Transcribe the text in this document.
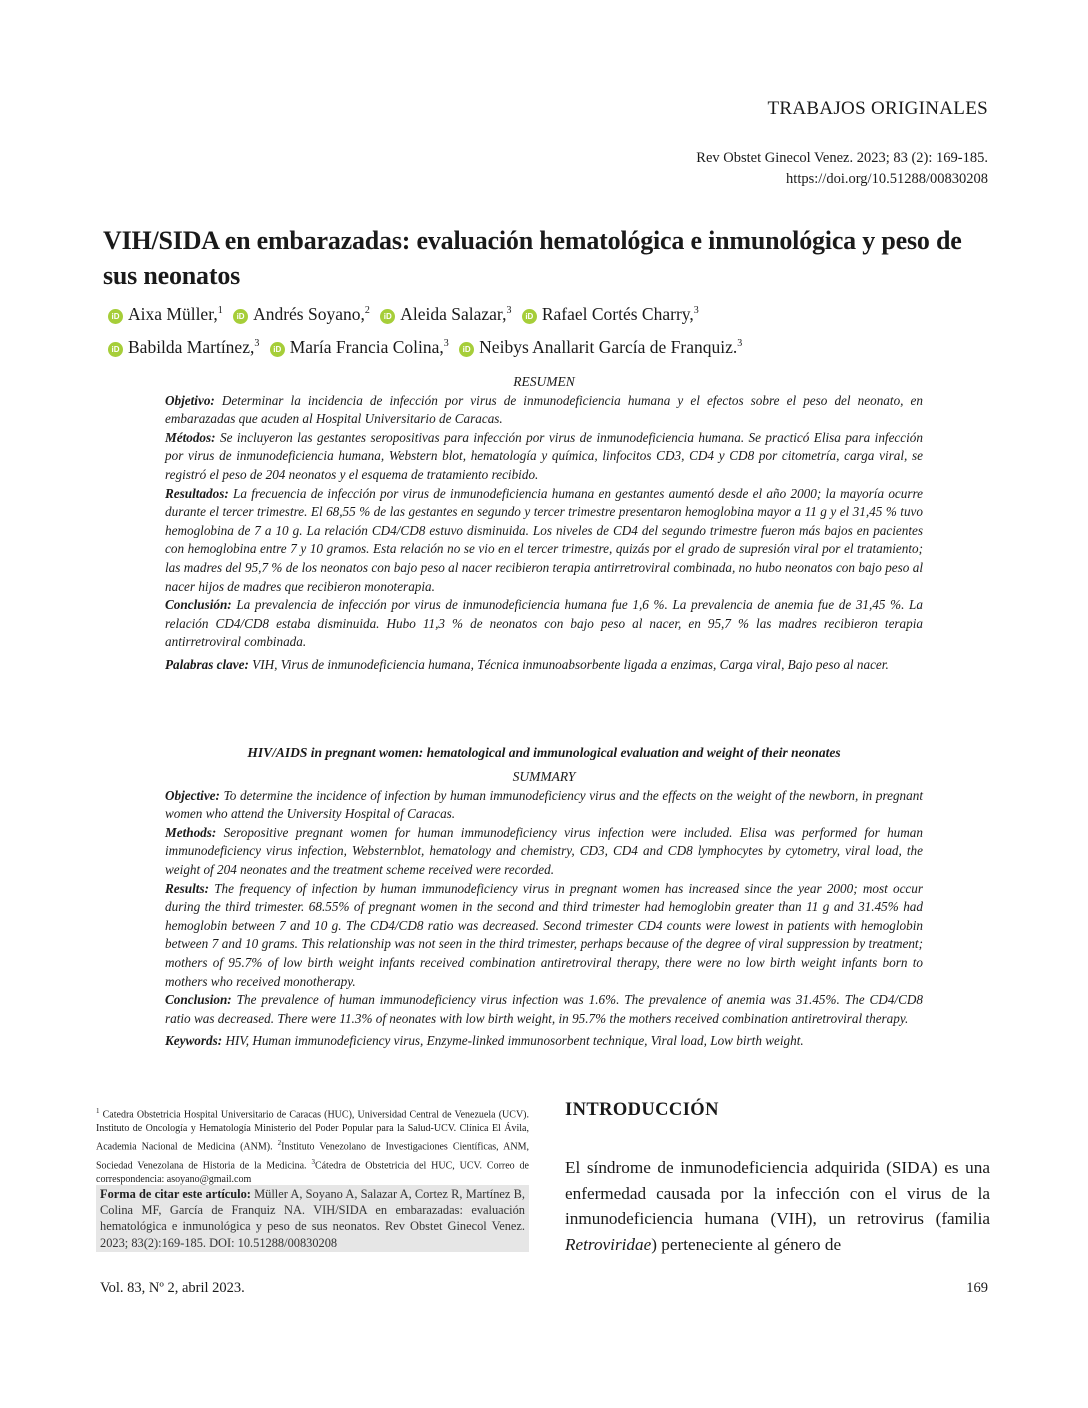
TRABAJOS ORIGINALES
Rev Obstet Ginecol Venez. 2023; 83 (2): 169-185.
https://doi.org/10.51288/00830208
VIH/SIDA en embarazadas: evaluación hematológica e inmunológica y peso de sus neonatos
iD Aixa Müller,$^1$ iD Andrés Soyano,$^2$ iD Aleida Salazar,$^3$ iD Rafael Cortés Charry,$^3$
iD Babilda Martínez,$^3$ iD María Francia Colina,$^3$ iD Neibys Anallarit García de Franquiz.$^3$

RESUMEN

Objetivo: Determinar la incidencia de infección por virus de inmunodeficiencia humana y el efectos sobre el peso del neonato, en embarazadas que acuden al Hospital Universitario de Caracas.

Métodos: Se incluyeron las gestantes seropositivas para infección por virus de inmunodeficiencia humana. Se practicó Elisa para infección por virus de inmunodeficiencia humana, Webstern blot, hematología y química, linfocitos CD3, CD4 y CD8 por citometría, carga viral, se registró el peso de 204 neonatos y el esquema de tratamiento recibido.

Resultados: La frecuencia de infección por virus de inmunodeficiencia humana en gestantes aumentó desde el año 2000; la mayoría ocurre durante el tercer trimestre. El 68,55 % de las gestantes en segundo y tercer trimestre presentaron hemoglobina mayor a 11 g y el 31,45 % tuvo hemoglobina de 7 a 10 g. La relación CD4/CD8 estuvo disminuida. Los niveles de CD4 del segundo trimestre fueron más bajos en pacientes con hemoglobina entre 7 y 10 gramos. Esta relación no se vio en el tercer trimestre, quizás por el grado de supresión viral por el tratamiento; las madres del 95,7 % de los neonatos con bajo peso al nacer recibieron terapia antirretroviral combinada, no hubo neonatos con bajo peso al nacer hijos de madres que recibieron monoterapia.

Conclusión: La prevalencia de infección por virus de inmunodeficiencia humana fue 1,6 %. La prevalencia de anemia fue de 31,45 %. La relación CD4/CD8 estaba disminuida. Hubo 11,3 % de neonatos con bajo peso al nacer, en 95,7 % las madres recibieron terapia antirretroviral combinada.

Palabras clave: VIH, Virus de inmunodeficiencia humana, Técnica inmunoabsorbente ligada a enzimas, Carga viral, Bajo peso al nacer.

HIV/AIDS in pregnant women: hematological and immunological evaluation and weight of their neonates

SUMMARY

Objective: To determine the incidence of infection by human immunodeficiency virus and the effects on the weight of the newborn, in pregnant women who attend the University Hospital of Caracas.

Methods: Seropositive pregnant women for human immunodeficiency virus infection were included. Elisa was performed for human immunodeficiency virus infection, Websternblot, hematology and chemistry, CD3, CD4 and CD8 lymphocytes by cytometry, viral load, the weight of 204 neonates and the treatment scheme received were recorded.

Results: The frequency of infection by human immunodeficiency virus in pregnant women has increased since the year 2000; most occur during the third trimester. 68.55% of pregnant women in the second and third trimester had hemoglobin greater than 11 g and 31.45% had hemoglobin between 7 and 10 g. The CD4/CD8 ratio was decreased. Second trimester CD4 counts were lowest in patients with hemoglobin between 7 and 10 grams. This relationship was not seen in the third trimester, perhaps because of the degree of viral suppression by treatment; mothers of 95.7% of low birth weight infants received combination antiretroviral therapy, there were no low birth weight infants born to mothers who received monotherapy.

Conclusion: The prevalence of human immunodeficiency virus infection was 1.6%. The prevalence of anemia was 31.45%. The CD4/CD8 ratio was decreased. There were 11.3% of neonates with low birth weight, in 95.7% the mothers received combination antiretroviral therapy.

Keywords: HIV, Human immunodeficiency virus, Enzyme-linked immunosorbent technique, Viral load, Low birth weight.

$^1$ Catedra Obstetricia Hospital Universitario de Caracas (HUC), Universidad Central de Venezuela (UCV). Instituto de Oncología y Hematología Ministerio del Poder Popular para la Salud-UCV. Clínica El Ávila, Academia Nacional de Medicina (ANM). $^2$Instituto Venezolano de Investigaciones Científicas, ANM, Sociedad Venezolana de Historia de la Medicina. $^3$Cátedra de Obstetricia del HUC, UCV. Correo de correspondencia: asoyano@gmail.com
Forma de citar este artículo: Müller A, Soyano A, Salazar A, Cortez R, Martínez B, Colina MF, García de Franquiz NA. VIH/SIDA en embarazadas: evaluación hematológica e inmunológica y peso de sus neonatos. Rev Obstet Ginecol Venez. 2023; 83(2):169-185. DOI: 10.51288/00830208
INTRODUCCIÓN

El síndrome de inmunodeficiencia adquirida (SIDA) es una enfermedad causada por la infección con el virus de la inmunodeficiencia humana (VIH), un retrovirus (familia Retroviridae) perteneciente al género de

Vol. 83, Nº 2, abril 2023.	169
